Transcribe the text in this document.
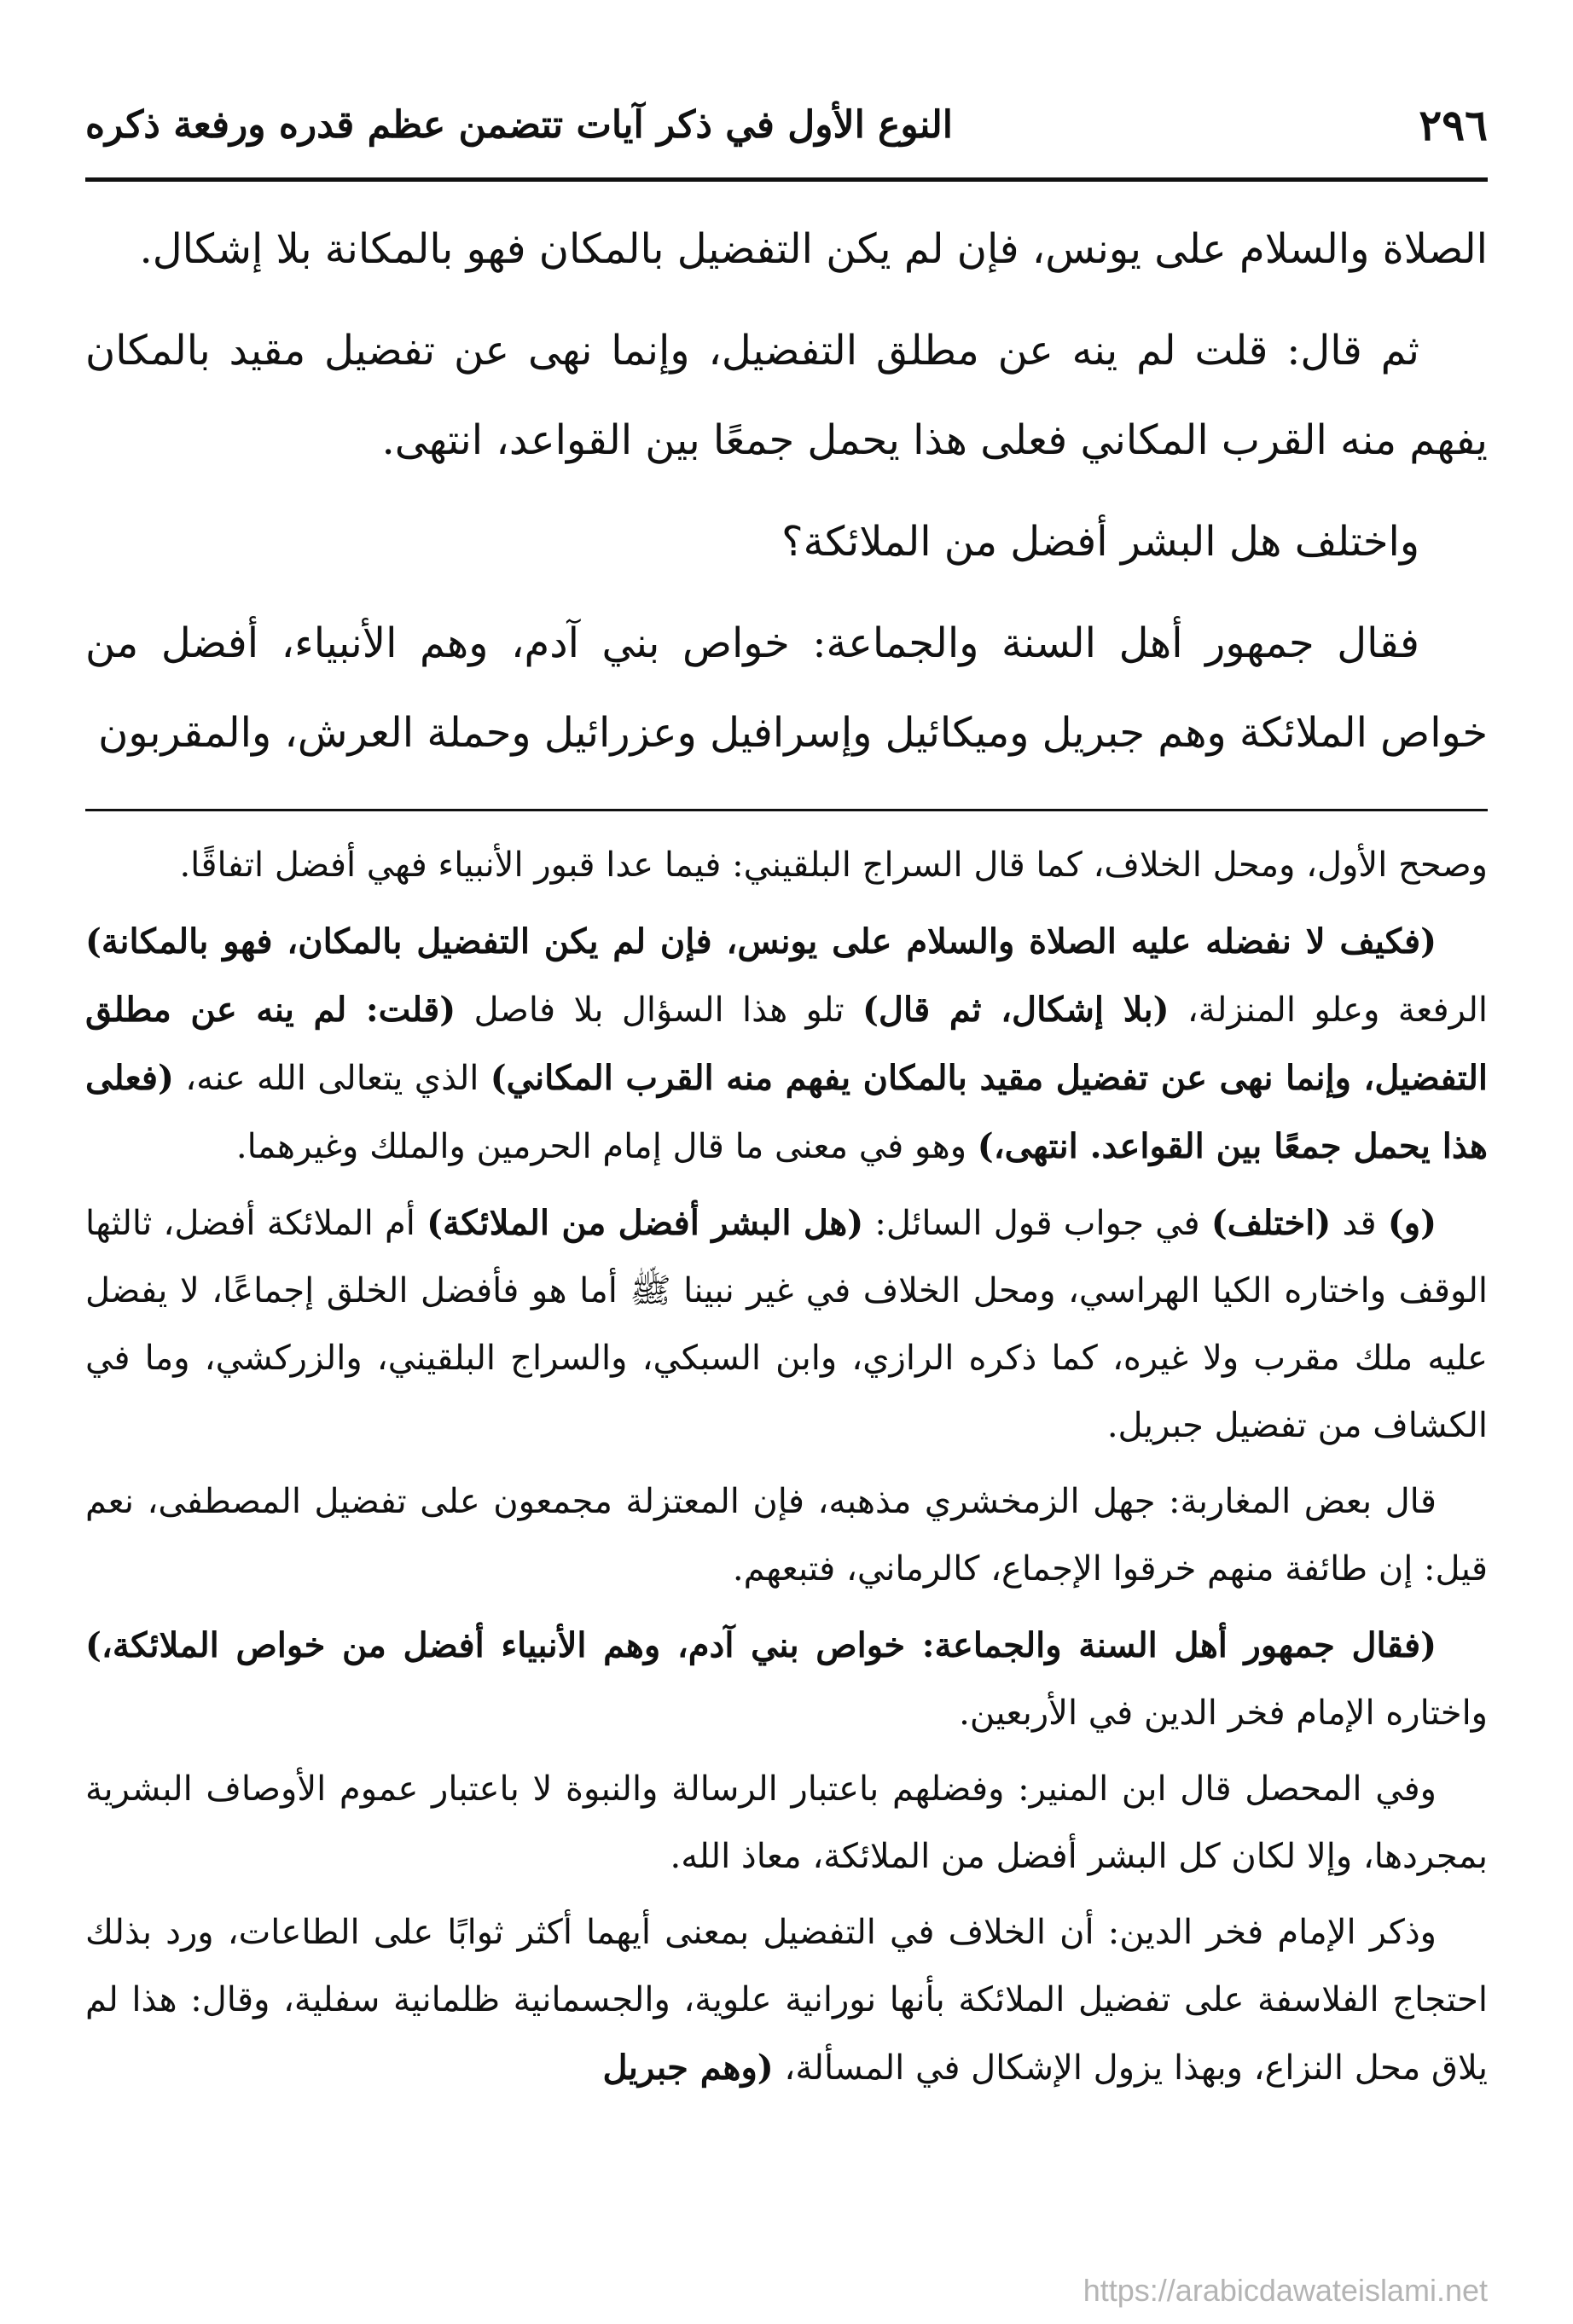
٢٩٦
النوع الأول في ذكر آيات تتضمن عظم قدره ورفعة ذكره

الصلاة والسلام على يونس، فإن لم يكن التفضيل بالمكان فهو بالمكانة بلا إشكال.

ثم قال: قلت لم ينه عن مطلق التفضيل، وإنما نهى عن تفضيل مقيد بالمكان يفهم منه القرب المكاني فعلى هذا يحمل جمعًا بين القواعد، انتهى.

واختلف هل البشر أفضل من الملائكة؟

فقال جمهور أهل السنة والجماعة: خواص بني آدم، وهم الأنبياء، أفضل من خواص الملائكة وهم جبريل وميكائيل وإسرافيل وعزرائيل وحملة العرش، والمقربون

وصحح الأول، ومحل الخلاف، كما قال السراج البلقيني: فيما عدا قبور الأنبياء فهي أفضل اتفاقًا.

(فكيف لا نفضله عليه الصلاة والسلام على يونس، فإن لم يكن التفضيل بالمكان، فهو بالمكانة) الرفعة وعلو المنزلة، (بلا إشكال، ثم قال) تلو هذا السؤال بلا فاصل (قلت: لم ينه عن مطلق التفضيل، وإنما نهى عن تفضيل مقيد بالمكان يفهم منه القرب المكاني) الذي يتعالى الله عنه، (فعلى هذا يحمل جمعًا بين القواعد. انتهى،) وهو في معنى ما قال إمام الحرمين والملك وغيرهما.

(و) قد (اختلف) في جواب قول السائل: (هل البشر أفضل من الملائكة) أم الملائكة أفضل، ثالثها الوقف واختاره الكيا الهراسي، ومحل الخلاف في غير نبينا ﷺ أما هو فأفضل الخلق إجماعًا، لا يفضل عليه ملك مقرب ولا غيره، كما ذكره الرازي، وابن السبكي، والسراج البلقيني، والزركشي، وما في الكشاف من تفضيل جبريل.

قال بعض المغاربة: جهل الزمخشري مذهبه، فإن المعتزلة مجمعون على تفضيل المصطفى، نعم قيل: إن طائفة منهم خرقوا الإجماع، كالرماني، فتبعهم.

(فقال جمهور أهل السنة والجماعة: خواص بني آدم، وهم الأنبياء أفضل من خواص الملائكة،) واختاره الإمام فخر الدين في الأربعين.

وفي المحصل قال ابن المنير: وفضلهم باعتبار الرسالة والنبوة لا باعتبار عموم الأوصاف البشرية بمجردها، وإلا لكان كل البشر أفضل من الملائكة، معاذ الله.

وذكر الإمام فخر الدين: أن الخلاف في التفضيل بمعنى أيهما أكثر ثوابًا على الطاعات، ورد بذلك احتجاج الفلاسفة على تفضيل الملائكة بأنها نورانية علوية، والجسمانية ظلمانية سفلية، وقال: هذا لم يلاق محل النزاع، وبهذا يزول الإشكال في المسألة، (وهم جبريل

https://arabicdawateislami.net
